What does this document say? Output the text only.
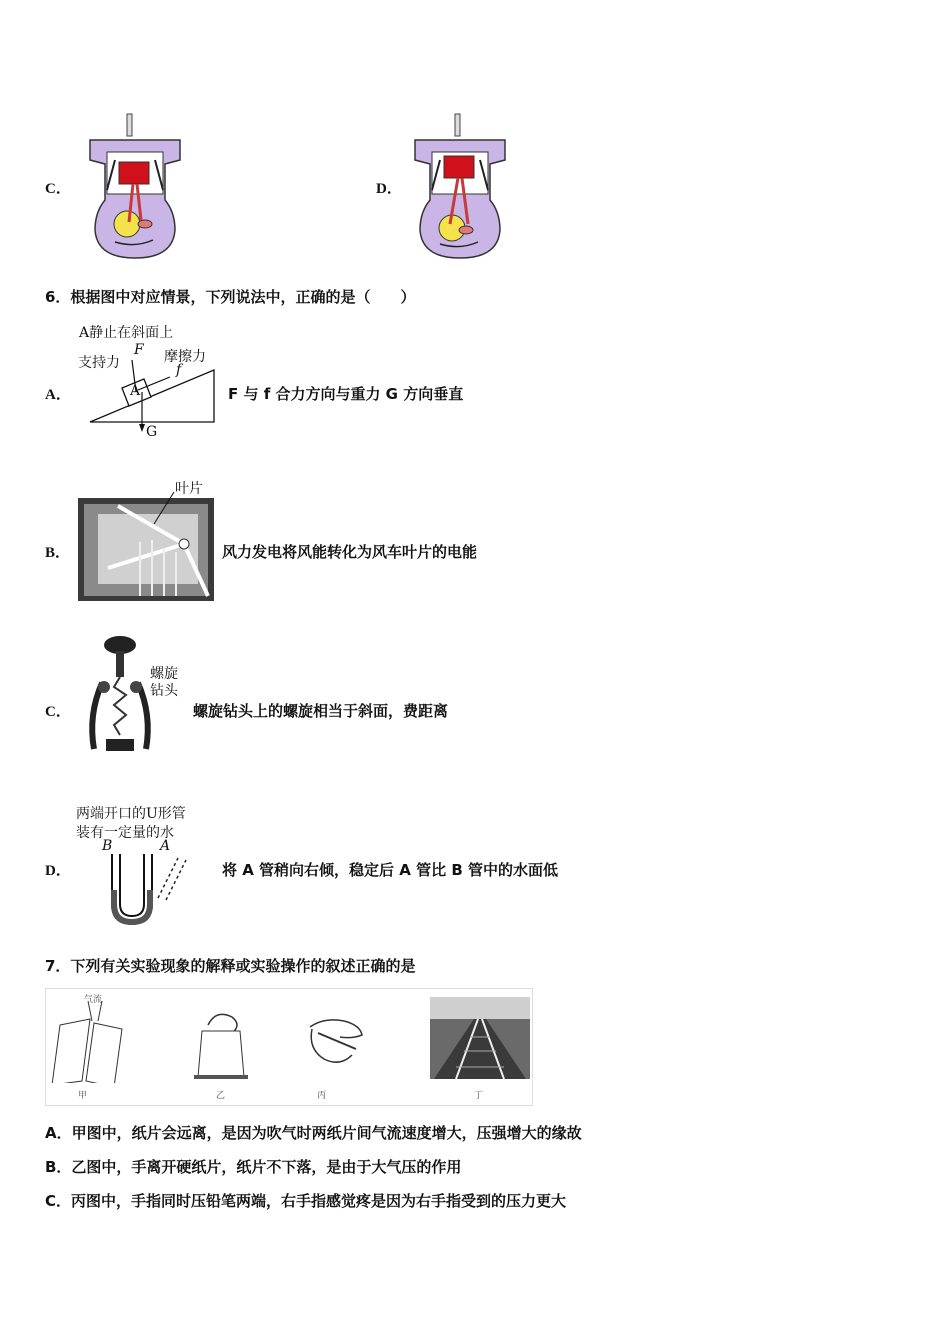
C．	D．
6．根据图中对应情景，下列说法中，正确的是（　　）
A．
A静止在斜面上
支持力
F 摩擦力
f
A
G
F 与 f 合力方向与重力 G 方向垂直
B．
叶片
风力发电将风能转化为风车叶片的电能
C．
螺旋
钻头
螺旋钻头上的螺旋相当于斜面，费距离
D．
两端开口的U形管
装有一定量的水
B	A
将 A 管稍向右倾，稳定后 A 管比 B 管中的水面低
7．下列有关实验现象的解释或实验操作的叙述正确的是
气流
甲	乙	丙	丁
A．甲图中，纸片会远离，是因为吹气时两纸片间气流速度增大，压强增大的缘故
B．乙图中，手离开硬纸片，纸片不下落，是由于大气压的作用
C．丙图中，手指同时压铅笔两端，右手指感觉疼是因为右手指受到的压力更大
